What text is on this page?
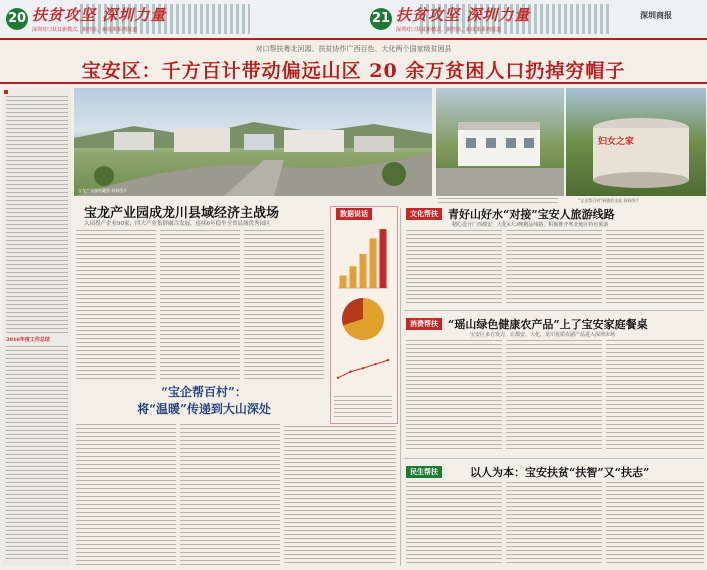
20 扶贫攻坚 深圳力量
深圳对口扶贫新模式、新经验、新成果系列报道
21 扶贫攻坚 深圳力量
深圳对口扶贫新模式、新经验、新成果系列报道
深圳商报
对口帮扶粤北河源、扶贫协作广西百色、大化两个国家级贫困县
宝安区：千方百计带动偏远山区 20 余万贫困人口扔掉穷帽子
2016年度工作总结
宝龙产业园鸟瞰图 资料图片
妇女之家
“宝企帮百村”捐建的水池 资料图片
宝龙产业园成龙川县域经济主战场
入园投产企业90家，四大产业集群融合发展，连续6年稳坐全省县域优秀园区
数据说话
“宝企帮百村”：
将“温暖”传递到大山深处
文化帮扶 青好山好水“对接”宝安人旅游线路
精心设计广西都安、大化4天3晚精品线路，积极推介粤北地区特色旅游
消费帮扶 “瑶山绿色健康农产品”上了宝安家庭餐桌
宝安区多方发力，让都安、大化、龙川优质农副产品进入深圳市场
民生帮扶	以人为本：宝安扶贫“扶智”又“扶志”
